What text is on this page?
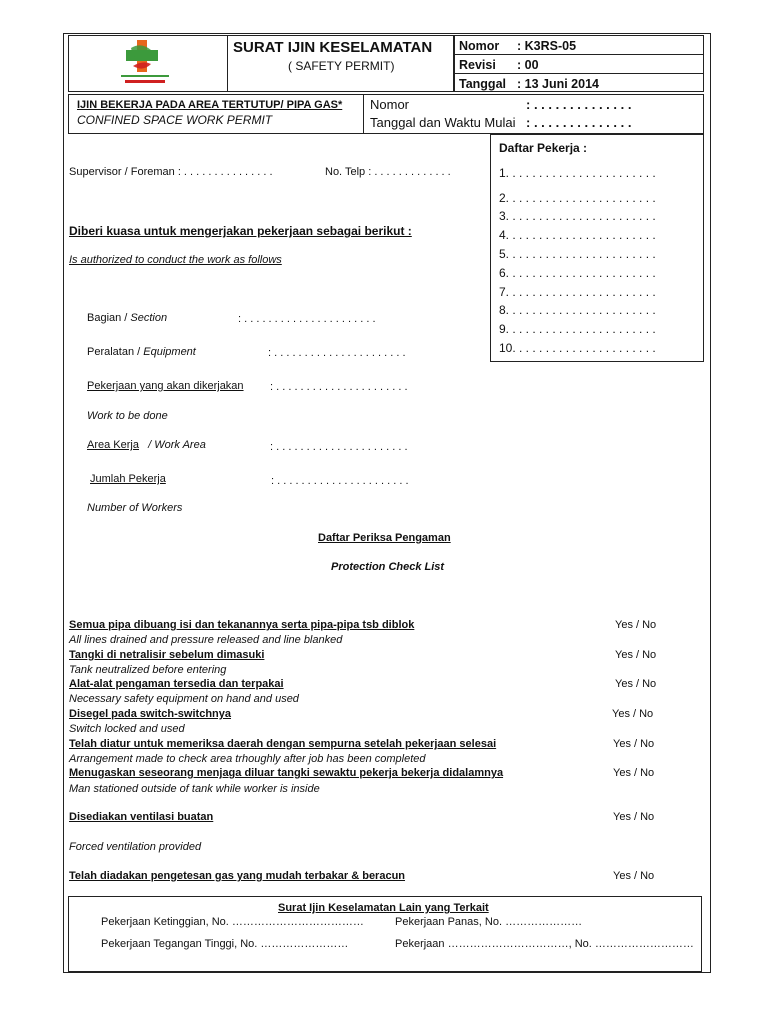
SURAT IJIN KESELAMATAN
( SAFETY PERMIT)
Nomor : K3RS-05
Revisi : 00
Tanggal : 13 Juni 2014
IJIN BEKERJA PADA AREA TERTUTUP/ PIPA GAS*
CONFINED SPACE WORK PERMIT
Nomor	: . . . . . . . . . . . . . .
Tanggal dan Waktu Mulai : . . . . . . . . . . . . . .
Daftar Pekerja :
1. . . . . . . . . . . . . . . . . . . . . . .
2. . . . . . . . . . . . . . . . . . . . . . .
3. . . . . . . . . . . . . . . . . . . . . . .
4. . . . . . . . . . . . . . . . . . . . . . .
5. . . . . . . . . . . . . . . . . . . . . . .
6. . . . . . . . . . . . . . . . . . . . . . .
7. . . . . . . . . . . . . . . . . . . . . . .
8. . . . . . . . . . . . . . . . . . . . . . .
9. . . . . . . . . . . . . . . . . . . . . . .
10. . . . . . . . . . . . . . . . . . . . . .
Supervisor / Foreman : . . . . . . . . . . . . . . .	No. Telp : . . . . . . . . . . . . .
Diberi kuasa untuk mengerjakan pekerjaan sebagai berikut :
Is authorized to conduct the work as follows
Bagian / Section	: . . . . . . . . . . . . . . . . . . . . . .
Peralatan / Equipment	: . . . . . . . . . . . . . . . . . . . . . .
Pekerjaan yang akan dikerjakan : . . . . . . . . . . . . . . . . . . . . . .
Work to be done
Area Kerja / Work Area	: . . . . . . . . . . . . . . . . . . . . . .
Jumlah Pekerja	: . . . . . . . . . . . . . . . . . . . . . .
Number of Workers
Daftar Periksa Pengaman
Protection Check List
Semua pipa dibuang isi dan tekanannya serta pipa-pipa tsb diblok
All lines drained and pressure released and line blanked
Yes / No
Tangki di netralisir sebelum dimasuki
Tank neutralized before entering
Yes / No
Alat-alat pengaman tersedia dan terpakai
Necessary safety equipment on hand and used
Yes / No
Disegel pada switch-switchnya
Switch locked and used
Yes / No
Telah diatur untuk memeriksa daerah dengan sempurna setelah pekerjaan selesai
Arrangement made to check area trhoughly after job has been completed
Yes / No
Menugaskan seseorang menjaga diluar tangki sewaktu pekerja bekerja didalamnya
Man stationed outside of tank while worker is inside
Yes / No
Disediakan ventilasi buatan
Forced ventilation provided
Yes / No
Telah diadakan pengetesan gas yang mudah terbakar & beracun	Yes / No
Surat Ijin Keselamatan Lain yang Terkait
Pekerjaan Ketinggian, No. ………………………………	Pekerjaan Panas, No. …………………
Pekerjaan Tegangan Tinggi, No. ……………………	Pekerjaan ……………………………, No. ………………………
